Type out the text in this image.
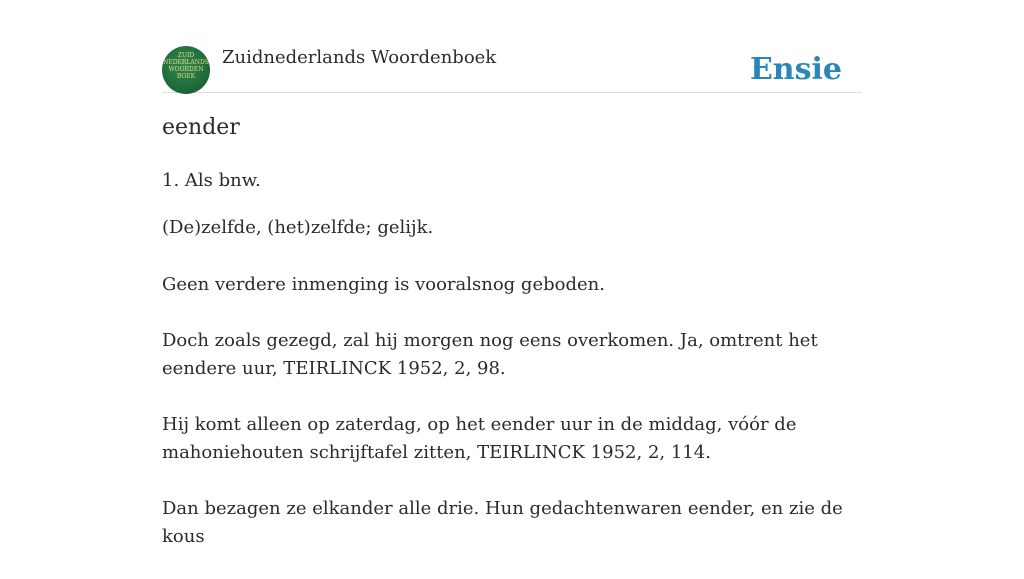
ZUID
NEDERLANDS
WOORDEN
BOEK
Zuidnederlands Woordenboek	Ensie
eender
1. Als bnw.
(De)zelfde, (het)zelfde; gelijk.

Geen verdere inmenging is vooralsnog geboden.

Doch zoals gezegd, zal hij morgen nog eens overkomen. Ja, omtrent het eendere uur, TEIRLINCK 1952, 2, 98.

Hij komt alleen op zaterdag, op het eender uur in de middag, vóór de mahoniehouten schrijftafel zitten, TEIRLINCK 1952, 2, 114.

Dan bezagen ze elkander alle drie. Hun gedachtenwaren eender, en zie de kous
